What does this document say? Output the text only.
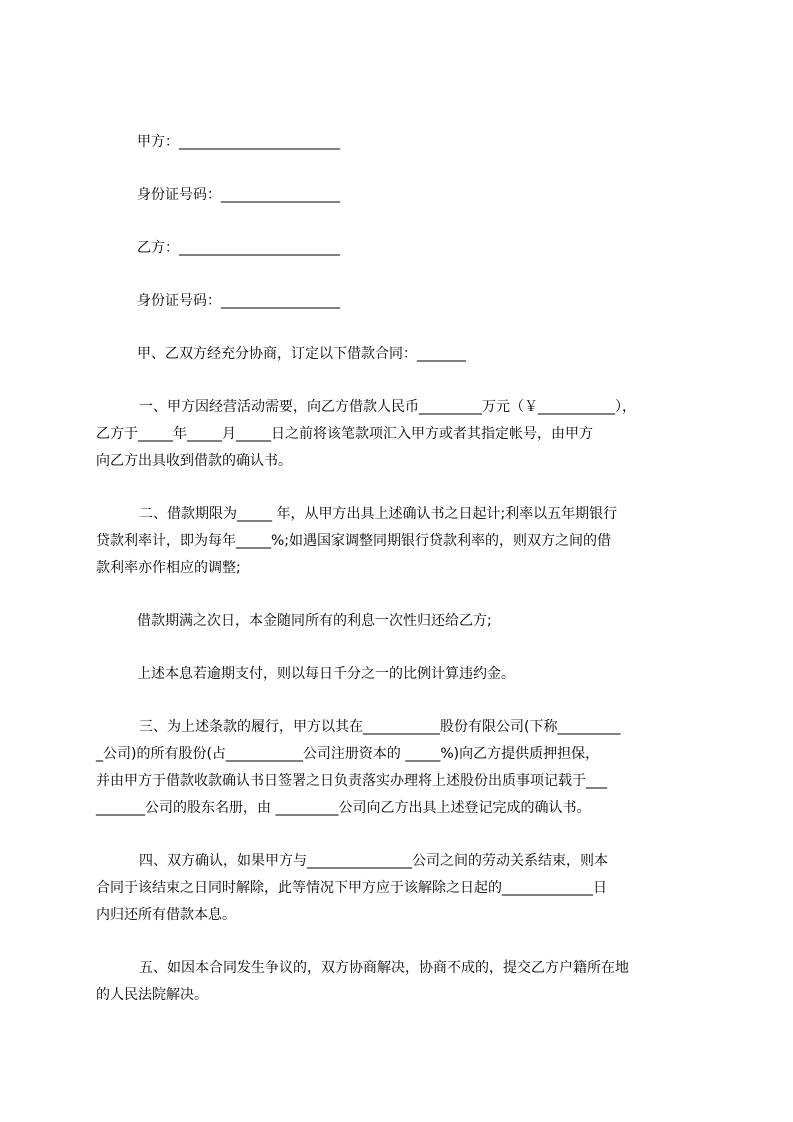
甲方：_______________________
身份证号码：_________________
乙方：_______________________
身份证号码：_________________
甲、乙双方经充分协商，订定以下借款合同：_______
一、甲方因经营活动需要，向乙方借款人民币_________万元（￥___________），
乙方于_____年_____月_____日之前将该笔款项汇入甲方或者其指定帐号，由甲方
向乙方出具收到借款的确认书。
二、借款期限为_____ 年，从甲方出具上述确认书之日起计;利率以五年期银行
贷款利率计，即为每年_____%;如遇国家调整同期银行贷款利率的，则双方之间的借
款利率亦作相应的调整;
借款期满之次日，本金随同所有的利息一次性归还给乙方;
上述本息若逾期支付，则以每日千分之一的比例计算违约金。
三、为上述条款的履行，甲方以其在___________股份有限公司(下称_________
_公司)的所有股份(占___________公司注册资本的 _____%)向乙方提供质押担保，
并由甲方于借款收款确认书日签署之日负责落实办理将上述股份出质事项记载于___
_______公司的股东名册，由 _________公司向乙方出具上述登记完成的确认书。
四、双方确认，如果甲方与_______________公司之间的劳动关系结束，则本
合同于该结束之日同时解除，此等情况下甲方应于该解除之日起的_____________日
内归还所有借款本息。
五、如因本合同发生争议的，双方协商解决，协商不成的，提交乙方户籍所在地
的人民法院解决。
